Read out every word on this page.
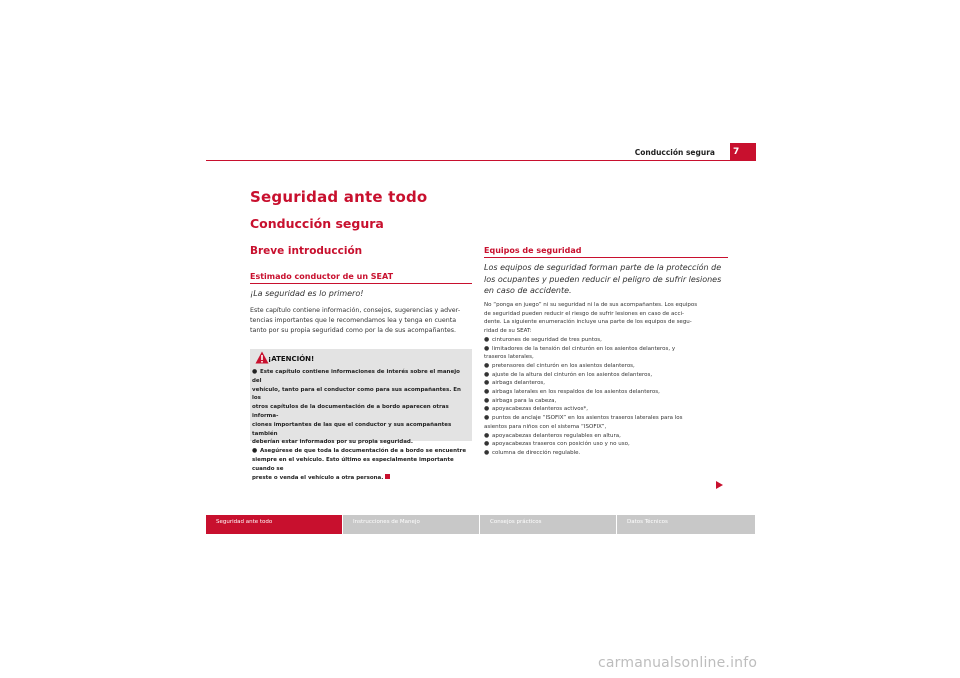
Conducción segura	7
Seguridad ante todo
Conducción segura
Breve introducción
Estimado conductor de un SEAT
¡La seguridad es lo primero!
Este capítulo contiene información, consejos, sugerencias y adver-
tencias importantes que le recomendamos lea y tenga en cuenta
tanto por su propia seguridad como por la de sus acompañantes.
¡ATENCIÓN!
● Este capítulo contiene informaciones de interés sobre el manejo del
vehículo, tanto para el conductor como para sus acompañantes. En los
otros capítulos de la documentación de a bordo aparecen otras informa-
ciones importantes de las que el conductor y sus acompañantes también
deberían estar informados por su propia seguridad.
● Asegúrese de que toda la documentación de a bordo se encuentre
siempre en el vehículo. Esto último es especialmente importante cuando se
preste o venda el vehículo a otra persona.
Equipos de seguridad
Los equipos de seguridad forman parte de la protección de
los ocupantes y pueden reducir el peligro de sufrir lesiones
en caso de accidente.
No “ponga en juego” ni su seguridad ni la de sus acompañantes. Los equipos
de seguridad pueden reducir el riesgo de sufrir lesiones en caso de acci-
dente. La siguiente enumeración incluye una parte de los equipos de segu-
ridad de su SEAT:
● cinturones de seguridad de tres puntos,
● limitadores de la tensión del cinturón en los asientos delanteros, y
traseros laterales,
● pretensores del cinturón en los asientos delanteros,
● ajuste de la altura del cinturón en los asientos delanteros,
● airbags delanteros,
● airbags laterales en los respaldos de los asientos delanteros,
● airbags para la cabeza,
● apoyacabezas delanteros activos*,
● puntos de anclaje “ISOFIX” en los asientos traseros laterales para los
asientos para niños con el sistema “ISOFIX”,
● apoyacabezas delanteros regulables en altura,
● apoyacabezas traseros con posición uso y no uso,
● columna de dirección regulable.
Seguridad ante todo	Instrucciones de Manejo	Consejos prácticos	Datos Técnicos
carmanualsonline.info
